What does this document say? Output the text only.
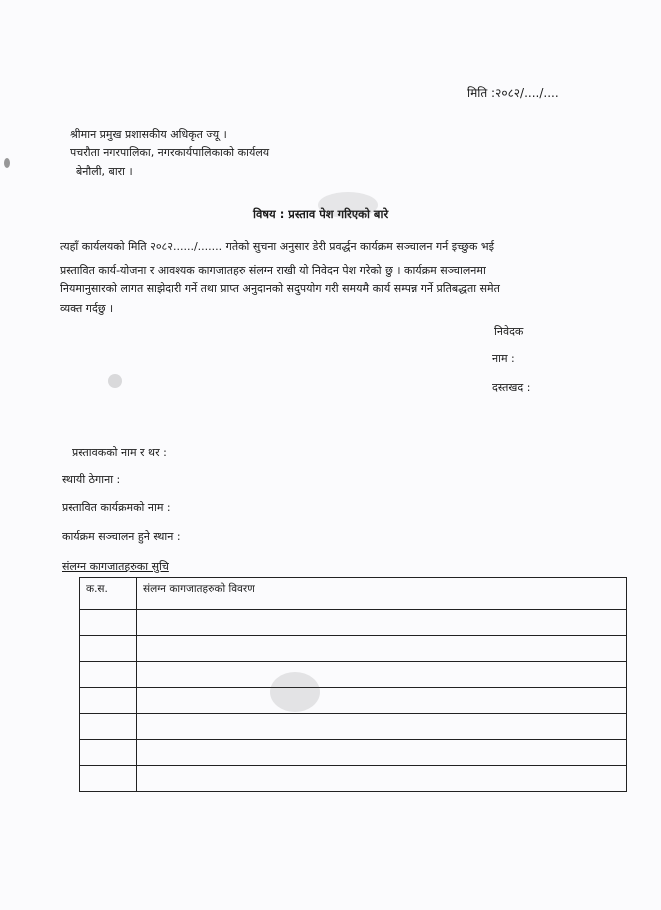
मिति :२०८२/..../....
श्रीमान प्रमुख प्रशासकीय अधिकृत ज्यू ।
पचरौता नगरपालिका, नगरकार्यपालिकाको कार्यलय
बेनौली, बारा ।
विषय : प्रस्ताव पेश गरिएको बारे
त्यहाँ कार्यलयको मिति २०८२....../....... गतेको सुचना अनुसार डेरी प्रवर्द्धन कार्यक्रम सञ्चालन गर्न इच्छुक भई
प्रस्तावित कार्य-योजना र आवश्यक कागजातहरु संलग्न राखी यो निवेदन पेश गरेको छु । कार्यक्रम सञ्चालनमा
नियमानुसारको लागत साझेदारी गर्ने तथा प्राप्त अनुदानको सदुपयोग गरी समयमै कार्य सम्पन्न गर्ने प्रतिबद्धता समेत
व्यक्त गर्दछु ।
निवेदक
नाम :
दस्तखद :
प्रस्तावकको नाम र थर :
स्थायी ठेगाना :
प्रस्तावित कार्यक्रमको नाम :
कार्यक्रम सञ्चालन हुने स्थान :
संलग्न कागजातहरुका सुचि
क.स.	संलग्न कागजातहरुको विवरण
